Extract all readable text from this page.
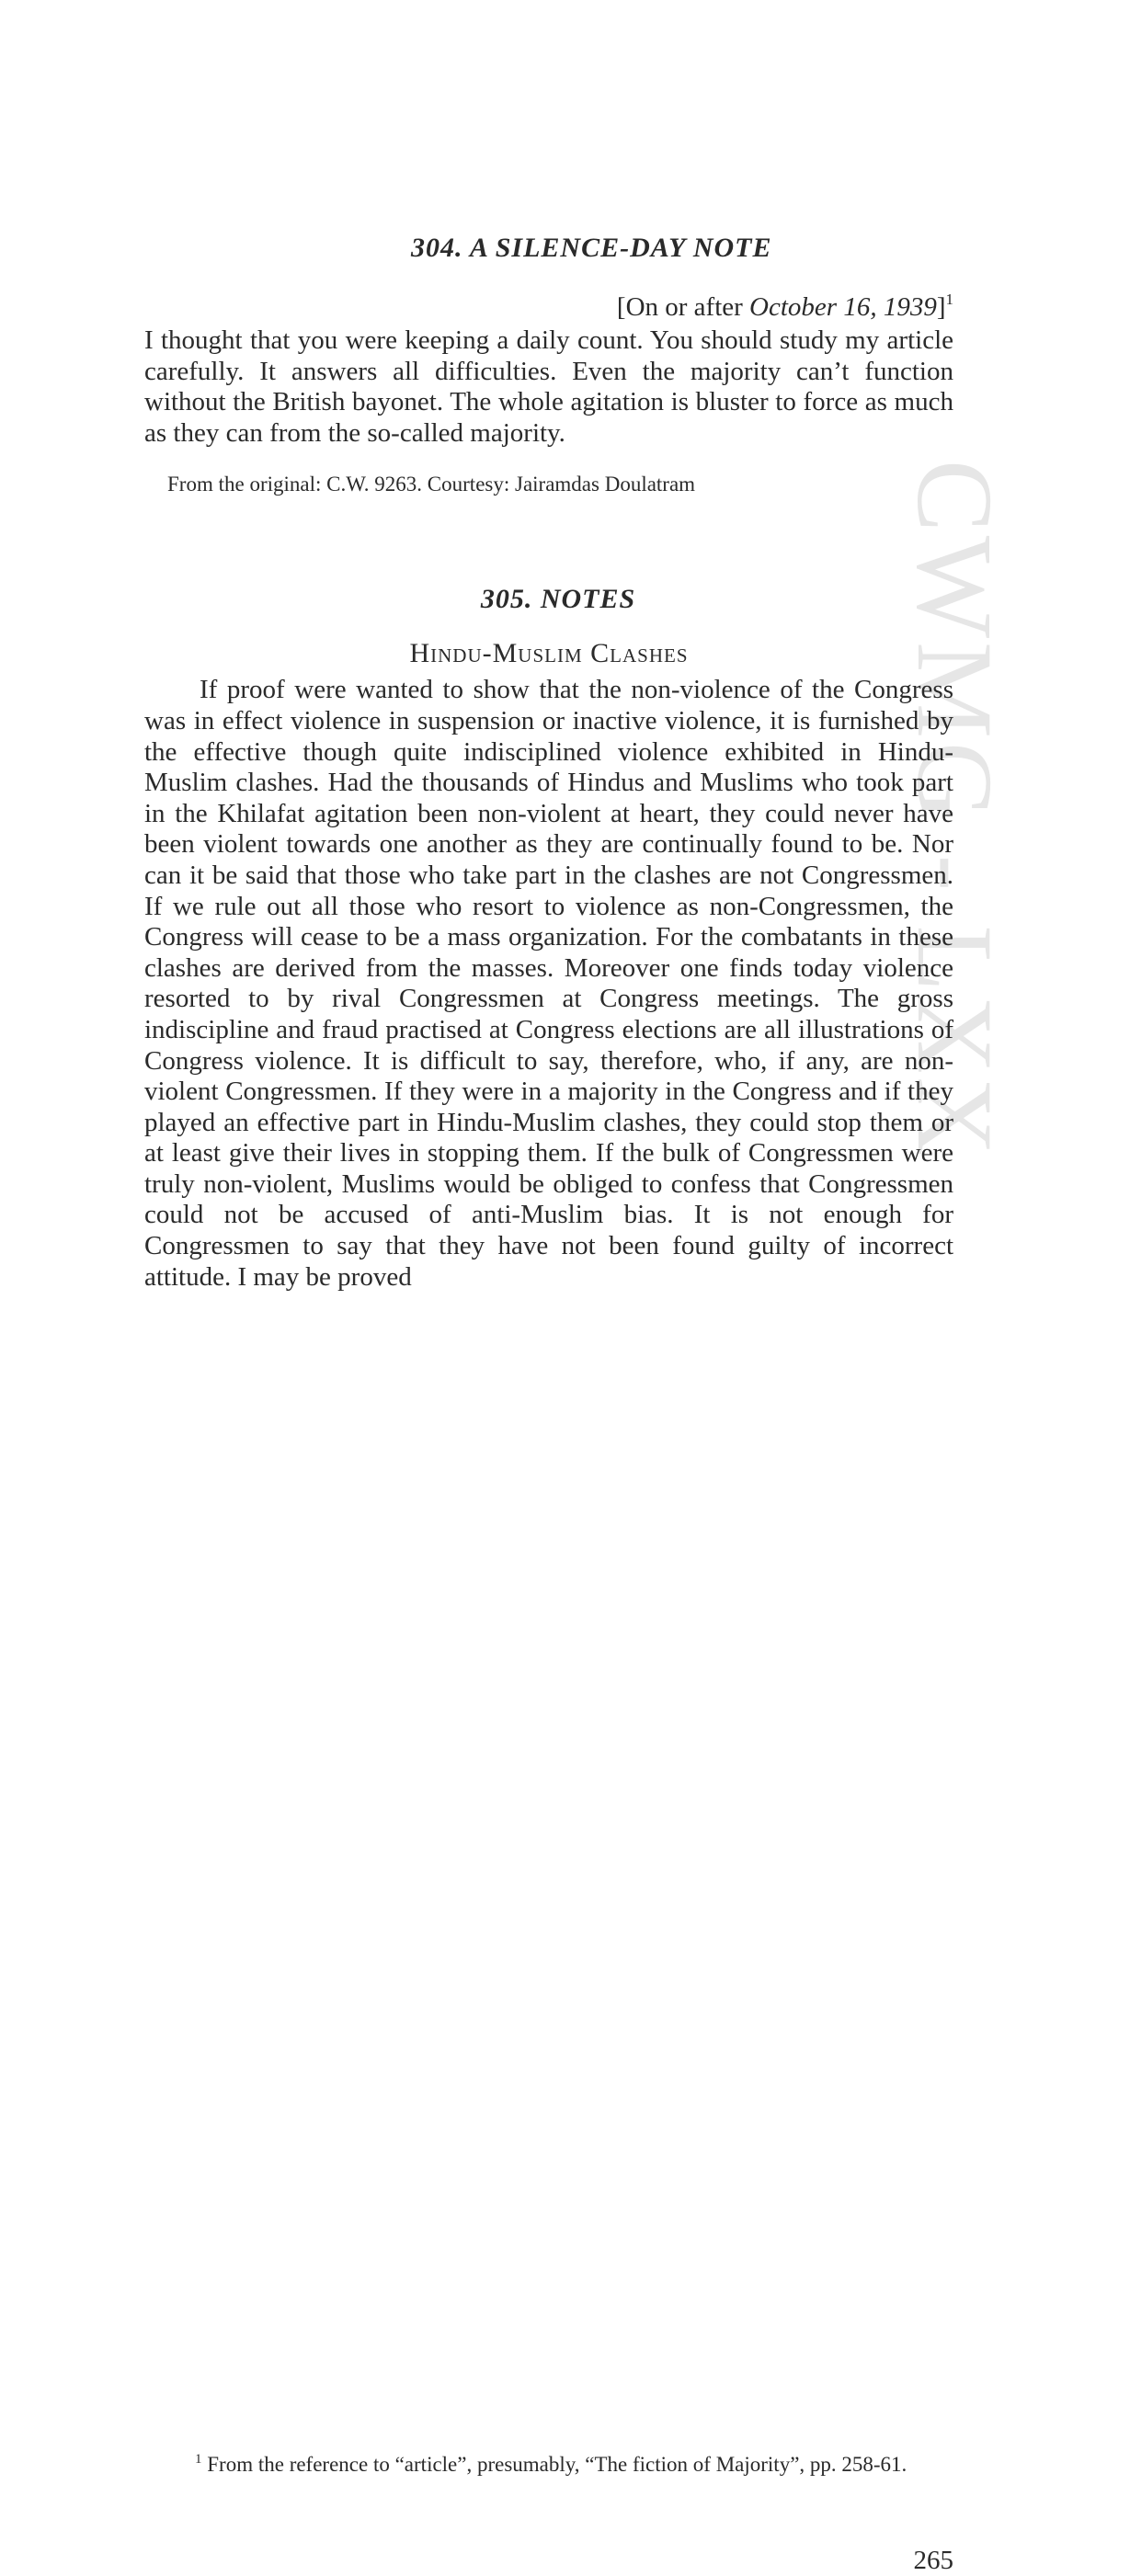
CWMG - LXX
304. A SILENCE-DAY NOTE

[On or after October 16, 1939]$^1$

I thought that you were keeping a daily count. You should study my article carefully. It answers all difficulties. Even the majority can’t function without the British bayonet. The whole agitation is bluster to force as much as they can from the so-called majority.

From the original: C.W. 9263. Courtesy: Jairamdas Doulatram

305. NOTES

Hindu-Muslim Clashes

If proof were wanted to show that the non-violence of the Congress was in effect violence in suspension or inactive violence, it is furnished by the effective though quite indisciplined violence exhibited in Hindu-Muslim clashes. Had the thousands of Hindus and Muslims who took part in the Khilafat agitation been non-violent at heart, they could never have been violent towards one another as they are continually found to be. Nor can it be said that those who take part in the clashes are not Congressmen. If we rule out all those who resort to violence as non-Congressmen, the Congress will cease to be a mass organization. For the combatants in these clashes are derived from the masses. Moreover one finds today violence resorted to by rival Congressmen at Congress meetings. The gross indiscipline and fraud practised at Congress elections are all illustrations of Congress violence. It is difficult to say, therefore, who, if any, are non-violent Congressmen. If they were in a majority in the Congress and if they played an effective part in Hindu-Muslim clashes, they could stop them or at least give their lives in stopping them. If the bulk of Congressmen were truly non-violent, Muslims would be obliged to confess that Congressmen could not be accused of anti-Muslim bias. It is not enough for Congressmen to say that they have not been found guilty of incorrect attitude. I may be proved

$^1$ From the reference to “article”, presumably, “The fiction of Majority”, pp. 258-61.

265
